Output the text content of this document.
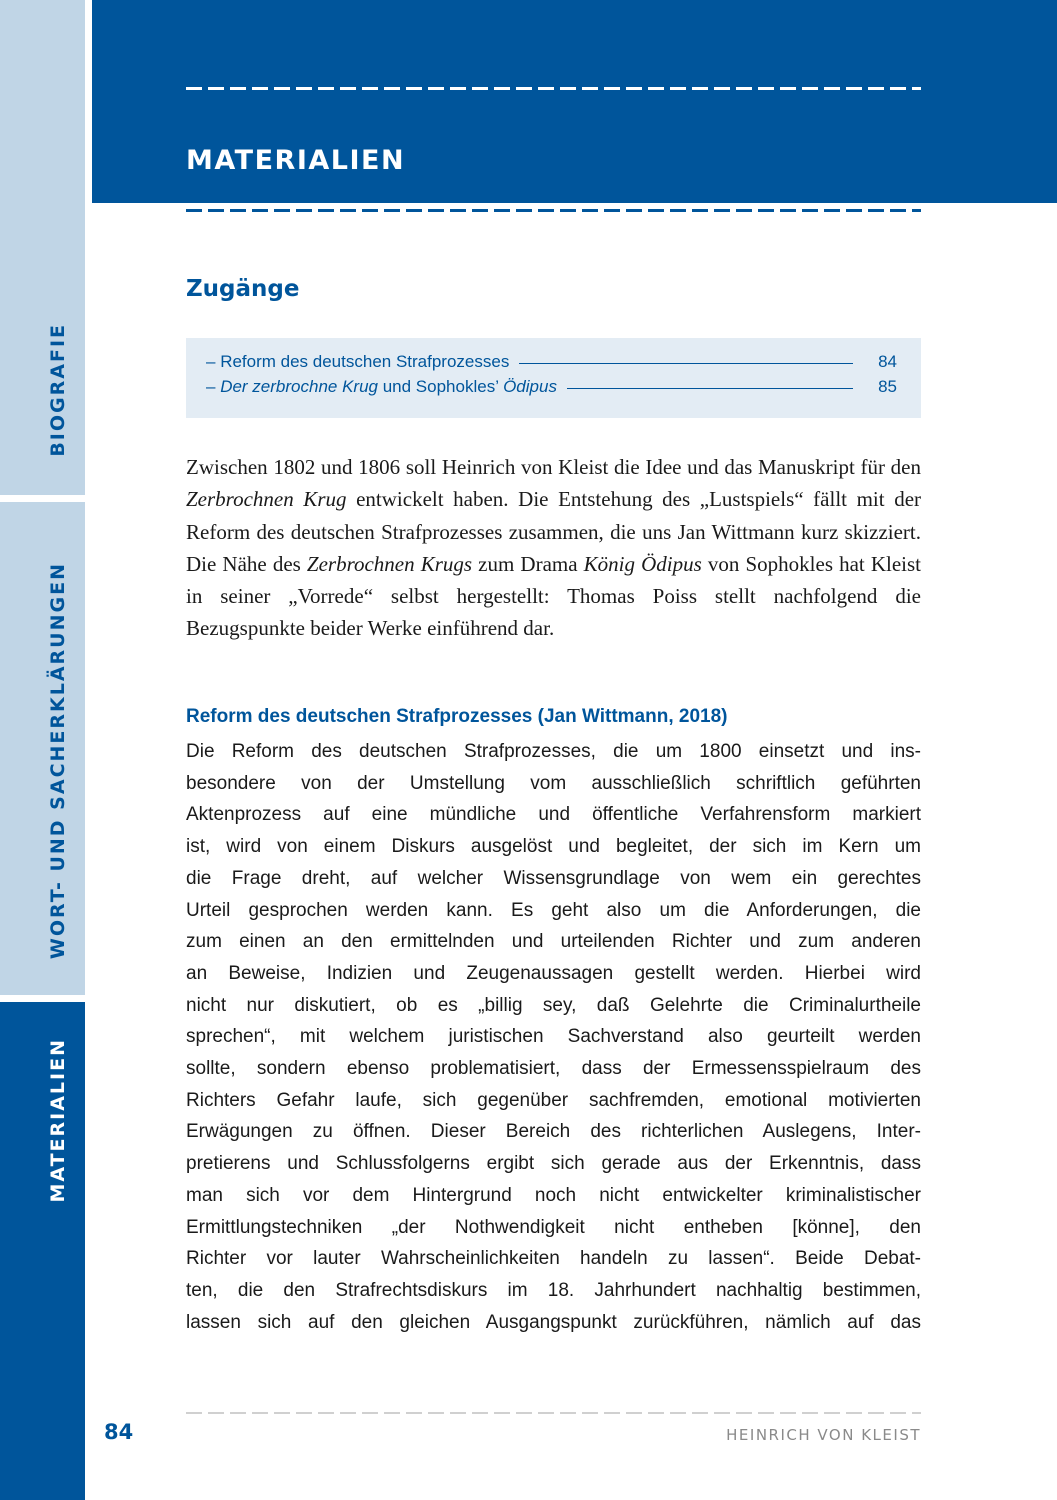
BIOGRAFIE
WORT- UND SACHERKLÄRUNGEN
MATERIALIEN
MATERIALIEN
Zugänge
– Reform des deutschen Strafprozesses	84
– Der zerbrochne Krug und Sophokles’ Ödipus	85

Zwischen 1802 und 1806 soll Heinrich von Kleist die Idee und das Manuskript für den Zerbrochnen Krug entwickelt haben. Die Entstehung des „Lustspiels“ fällt mit der Reform des deutschen Strafprozesses zusammen, die uns Jan Wittmann kurz skizziert. Die Nähe des Zerbrochnen Krugs zum Drama König Ödipus von Sophokles hat Kleist in seiner „Vorrede“ selbst hergestellt: Thomas Poiss stellt nachfolgend die Bezugspunkte beider Werke einführend dar.

Reform des deutschen Strafprozesses (Jan Wittmann, 2018)
Die Reform des deutschen Strafprozesses, die um 1800 einsetzt und ins-
besondere von der Umstellung vom ausschließlich schriftlich geführten
Aktenprozess auf eine mündliche und öffentliche Verfahrensform markiert
ist, wird von einem Diskurs ausgelöst und begleitet, der sich im Kern um
die Frage dreht, auf welcher Wissensgrundlage von wem ein gerechtes
Urteil gesprochen werden kann. Es geht also um die Anforderungen, die
zum einen an den ermittelnden und urteilenden Richter und zum anderen
an Beweise, Indizien und Zeugenaussagen gestellt werden. Hierbei wird
nicht nur diskutiert, ob es „billig sey, daß Gelehrte die Criminalurtheile
sprechen“, mit welchem juristischen Sachverstand also geurteilt werden
sollte, sondern ebenso problematisiert, dass der Ermessensspielraum des
Richters Gefahr laufe, sich gegenüber sachfremden, emotional motivierten
Erwägungen zu öffnen. Dieser Bereich des richterlichen Auslegens, Inter-
pretierens und Schlussfolgerns ergibt sich gerade aus der Erkenntnis, dass
man sich vor dem Hintergrund noch nicht entwickelter kriminalistischer
Ermittlungstechniken „der Nothwendigkeit nicht entheben [könne], den
Richter vor lauter Wahrscheinlichkeiten handeln zu lassen“. Beide Debat-
ten, die den Strafrechtsdiskurs im 18. Jahrhundert nachhaltig bestimmen,
lassen sich auf den gleichen Ausgangspunkt zurückführen, nämlich auf das
84	HEINRICH VON KLEIST
